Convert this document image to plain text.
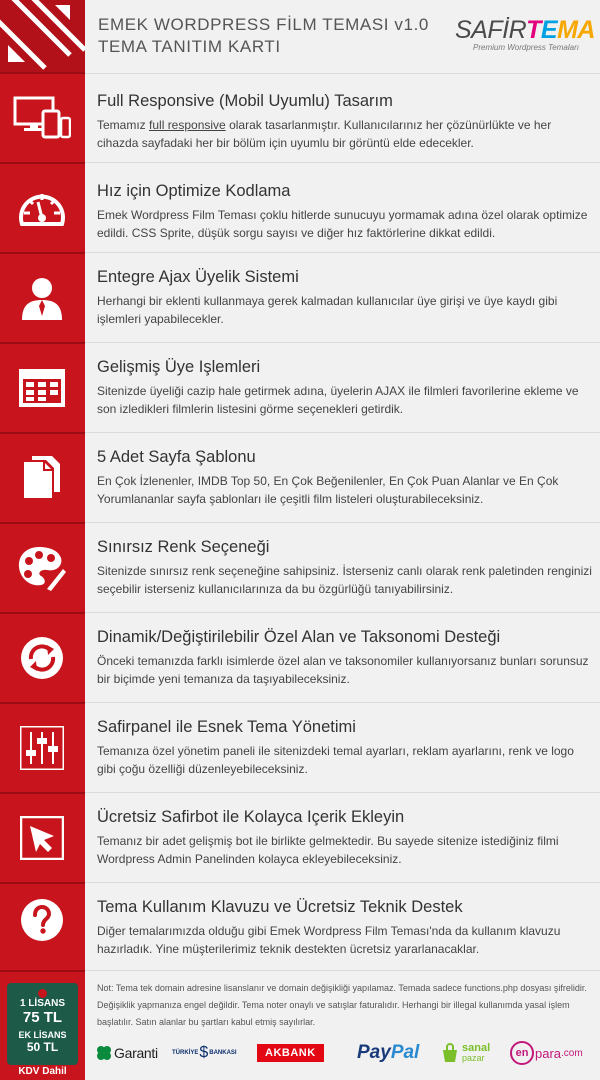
EMEK WORDPRESS FİLM TEMASI v1.0
TEMA TANITIM KARTI
SAFİRTEMA
Premium Wordpress Temaları
Full Responsive (Mobil Uyumlu) Tasarım

Temamız full responsive olarak tasarlanmıştır. Kullanıcılarınız her çözünürlükte ve her cihazda sayfadaki her bir bölüm için uyumlu bir görüntü elde edecekler.

Hız için Optimize Kodlama

Emek Wordpress Film Teması çoklu hitlerde sunucuyu yormamak adına özel olarak optimize edildi. CSS Sprite, düşük sorgu sayısı ve diğer hız faktörlerine dikkat edildi.

Entegre Ajax Üyelik Sistemi

Herhangi bir eklenti kullanmaya gerek kalmadan kullanıcılar üye girişi ve üye kaydı gibi işlemleri yapabilecekler.

Gelişmiş Üye Işlemleri

Sitenizde üyeliği cazip hale getirmek adına, üyelerin AJAX ile filmleri favorilerine ekleme ve son izledikleri filmlerin listesini görme seçenekleri getirdik.

5 Adet Sayfa Şablonu

En Çok İzlenenler, IMDB Top 50, En Çok Beğenilenler, En Çok Puan Alanlar ve En Çok Yorumlananlar sayfa şablonları ile çeşitli film listeleri oluşturabileceksiniz.

Sınırsız Renk Seçeneği

Sitenizde sınırsız renk seçeneğine sahipsiniz. İsterseniz canlı olarak renk paletinden renginizi seçebilir isterseniz kullanıcılarınıza da bu özgürlüğü tanıyabilirsiniz.

Dinamik/Değiştirilebilir Özel Alan ve Taksonomi Desteği

Önceki temanızda farklı isimlerde özel alan ve taksonomiler kullanıyorsanız bunları sorunsuz bir biçimde yeni temanıza da taşıyabileceksiniz.

Safirpanel ile Esnek Tema Yönetimi

Temanıza özel yönetim paneli ile sitenizdeki temal ayarları, reklam ayarlarını, renk ve logo gibi çoğu özelliği düzenleyebileceksiniz.

Ücretsiz Safirbot ile Kolayca Içerik Ekleyin

Temanız bir adet gelişmiş bot ile birlikte gelmektedir. Bu sayede sitenize istediğiniz filmi Wordpress Admin Panelinden kolayca ekleyebileceksiniz.

Tema Kullanım Klavuzu ve Ücretsiz Teknik Destek

Diğer temalarımızda olduğu gibi Emek Wordpress Film Teması'nda da kullanım klavuzu hazırladık. Yine müşterilerimiz teknik destekten ücretsiz yararlanacaklar.

Not: Tema tek domain adresine lisanslanır ve domain değişikliği yapılamaz. Temada sadece functions.php dosyası şifrelidir. Değişiklik yapmanıza engel değildir. Tema noter onaylı ve satışlar faturalıdır. Herhangi bir illegal kullanımda yasal işlem başlatılır. Satın alanlar bu şartları kabul etmiş sayılırlar.
1 LİSANS
75 TL
EK LİSANS
50 TL
KDV Dahil
Garanti TÜRKİYE $ BANKASI	AKBANK	Pay Pal	sanal
pazar	en para .com
